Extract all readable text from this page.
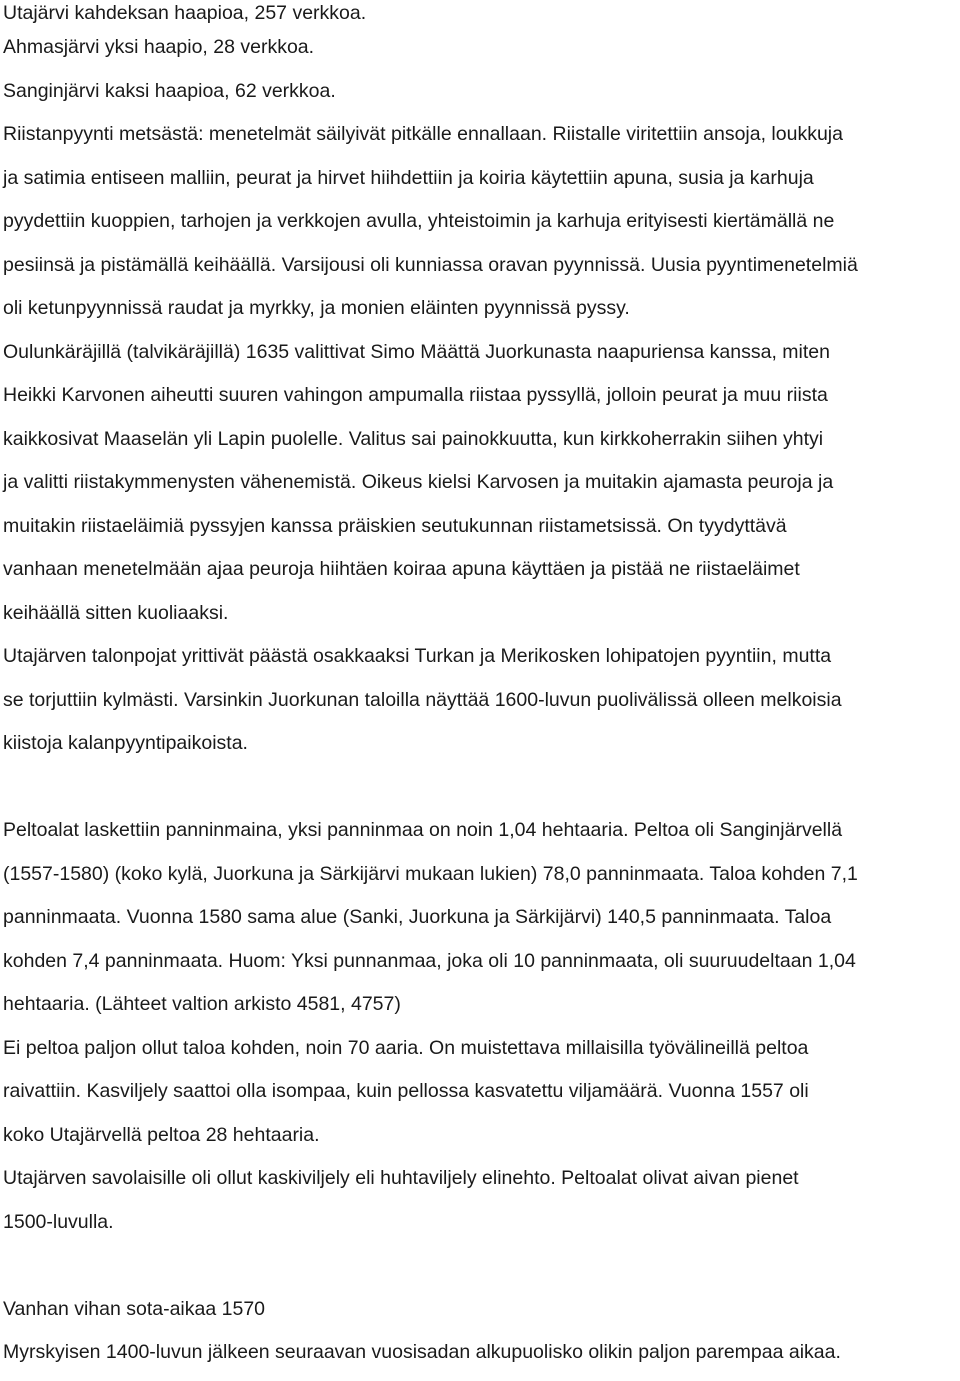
Utajärvi kahdeksan haapioa, 257 verkkoa.
Ahmasjärvi yksi haapio, 28 verkkoa.
Sanginjärvi kaksi haapioa, 62 verkkoa.
Riistanpyynti metsästä: menetelmät säilyivät pitkälle ennallaan. Riistalle viritettiin ansoja, loukkuja
ja satimia entiseen malliin, peurat ja hirvet hiihdettiin ja koiria käytettiin apuna, susia ja karhuja
pyydettiin kuoppien, tarhojen ja verkkojen avulla, yhteistoimin ja karhuja erityisesti kiertämällä ne
pesiinsä ja pistämällä keihäällä. Varsijousi oli kunniassa oravan pyynnissä. Uusia pyyntimenetelmiä
oli ketunpyynnissä raudat ja myrkky, ja monien eläinten pyynnissä pyssy.
Oulunkäräjillä (talvikäräjillä) 1635 valittivat Simo Määttä Juorkunasta naapuriensa kanssa, miten
Heikki Karvonen aiheutti suuren vahingon ampumalla riistaa pyssyllä, jolloin peurat ja muu riista
kaikkosivat Maaselän yli Lapin puolelle. Valitus sai painokkuutta, kun kirkkoherrakin siihen yhtyi
ja valitti riistakymmenysten vähenemistä. Oikeus kielsi Karvosen ja muitakin ajamasta peuroja ja
muitakin riistaeläimiä pyssyjen kanssa präiskien seutukunnan riistametsissä. On tyydyttävä
vanhaan menetelmään ajaa peuroja hiihtäen koiraa apuna käyttäen ja pistää ne riistaeläimet
keihäällä sitten kuoliaaksi.
Utajärven talonpojat yrittivät päästä osakkaaksi Turkan ja Merikosken lohipatojen pyyntiin, mutta
se torjuttiin kylmästi. Varsinkin Juorkunan taloilla näyttää 1600-luvun puolivälissä olleen melkoisia
kiistoja kalanpyyntipaikoista.
Peltoalat laskettiin panninmaina, yksi panninmaa on noin 1,04 hehtaaria. Peltoa oli Sanginjärvellä
(1557-1580) (koko kylä, Juorkuna ja Särkijärvi mukaan lukien) 78,0 panninmaata. Taloa kohden 7,1
panninmaata. Vuonna 1580 sama alue (Sanki, Juorkuna ja Särkijärvi) 140,5 panninmaata. Taloa
kohden 7,4 panninmaata. Huom: Yksi punnanmaa, joka oli 10 panninmaata, oli suuruudeltaan 1,04
hehtaaria. (Lähteet valtion arkisto 4581, 4757)
Ei peltoa paljon ollut taloa kohden, noin 70 aaria. On muistettava millaisilla työvälineillä peltoa
raivattiin. Kasviljely saattoi olla isompaa, kuin pellossa kasvatettu viljamäärä. Vuonna 1557 oli
koko Utajärvellä peltoa 28 hehtaaria.
Utajärven savolaisille oli ollut kaskiviljely eli huhtaviljely elinehto. Peltoalat olivat aivan pienet
1500-luvulla.
Vanhan vihan sota-aikaa 1570
Myrskyisen 1400-luvun jälkeen seuraavan vuosisadan alkupuolisko olikin paljon parempaa aikaa.
